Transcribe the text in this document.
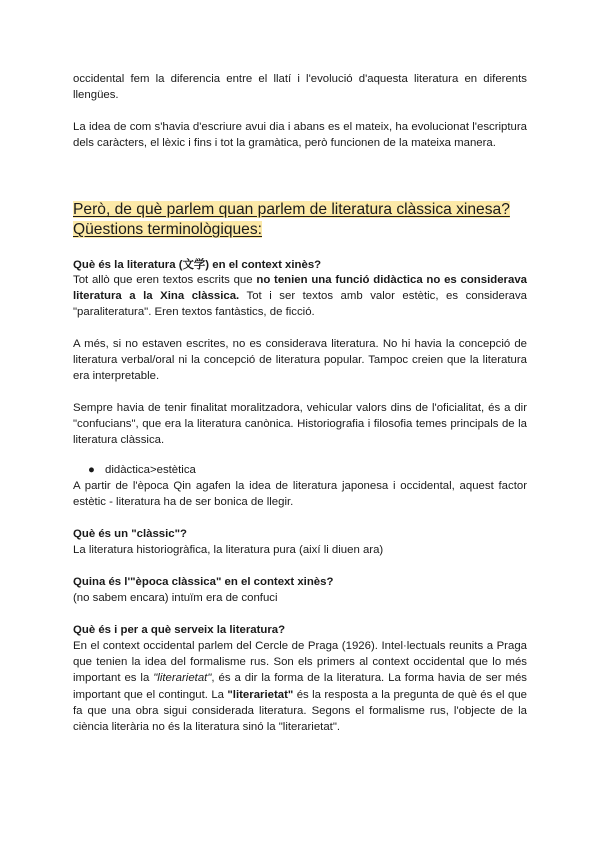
occidental fem la diferencia entre el llatí i l'evolució d'aquesta literatura en diferents llengües.

La idea de com s'havia d'escriure avui dia i abans es el mateix, ha evolucionat l'escriptura dels caràcters, el lèxic i fins i tot la gramàtica, però funcionen de la mateixa manera.

Però, de què parlem quan parlem de literatura clàssica xinesa?
Qüestions terminològiques:

Què és la literatura (文学) en el context xinès?

Tot allò que eren textos escrits que no tenien una funció didàctica no es considerava literatura a la Xina clàssica. Tot i ser textos amb valor estètic, es considerava "paraliteratura". Eren textos fantàstics, de ficció.

A més, si no estaven escrites, no es considerava literatura. No hi havia la concepció de literatura verbal/oral ni la concepció de literatura popular. Tampoc creien que la literatura era interpretable.

Sempre havia de tenir finalitat moralitzadora, vehicular valors dins de l'oficialitat, és a dir "confucians", que era la literatura canònica. Historiografia i filosofia temes principals de la literatura clàssica.

● didàctica>estètica

A partir de l'època Qin agafen la idea de literatura japonesa i occidental, aquest factor estètic - literatura ha de ser bonica de llegir.

Què és un "clàssic"?

La literatura historiogràfica, la literatura pura (així li diuen ara)

Quina és l'"època clàssica" en el context xinès?

(no sabem encara) intuïm era de confuci

Què és i per a què serveix la literatura?

En el context occidental parlem del Cercle de Praga (1926). Intel·lectuals reunits a Praga que tenien la idea del formalisme rus. Son els primers al context occidental que lo més important es la "literarietat", és a dir la forma de la literatura. La forma havia de ser més important que el contingut. La "literarietat" és la resposta a la pregunta de què és el que fa que una obra sigui considerada literatura. Segons el formalisme rus, l'objecte de la ciència literària no és la literatura sinó la "literarietat".
